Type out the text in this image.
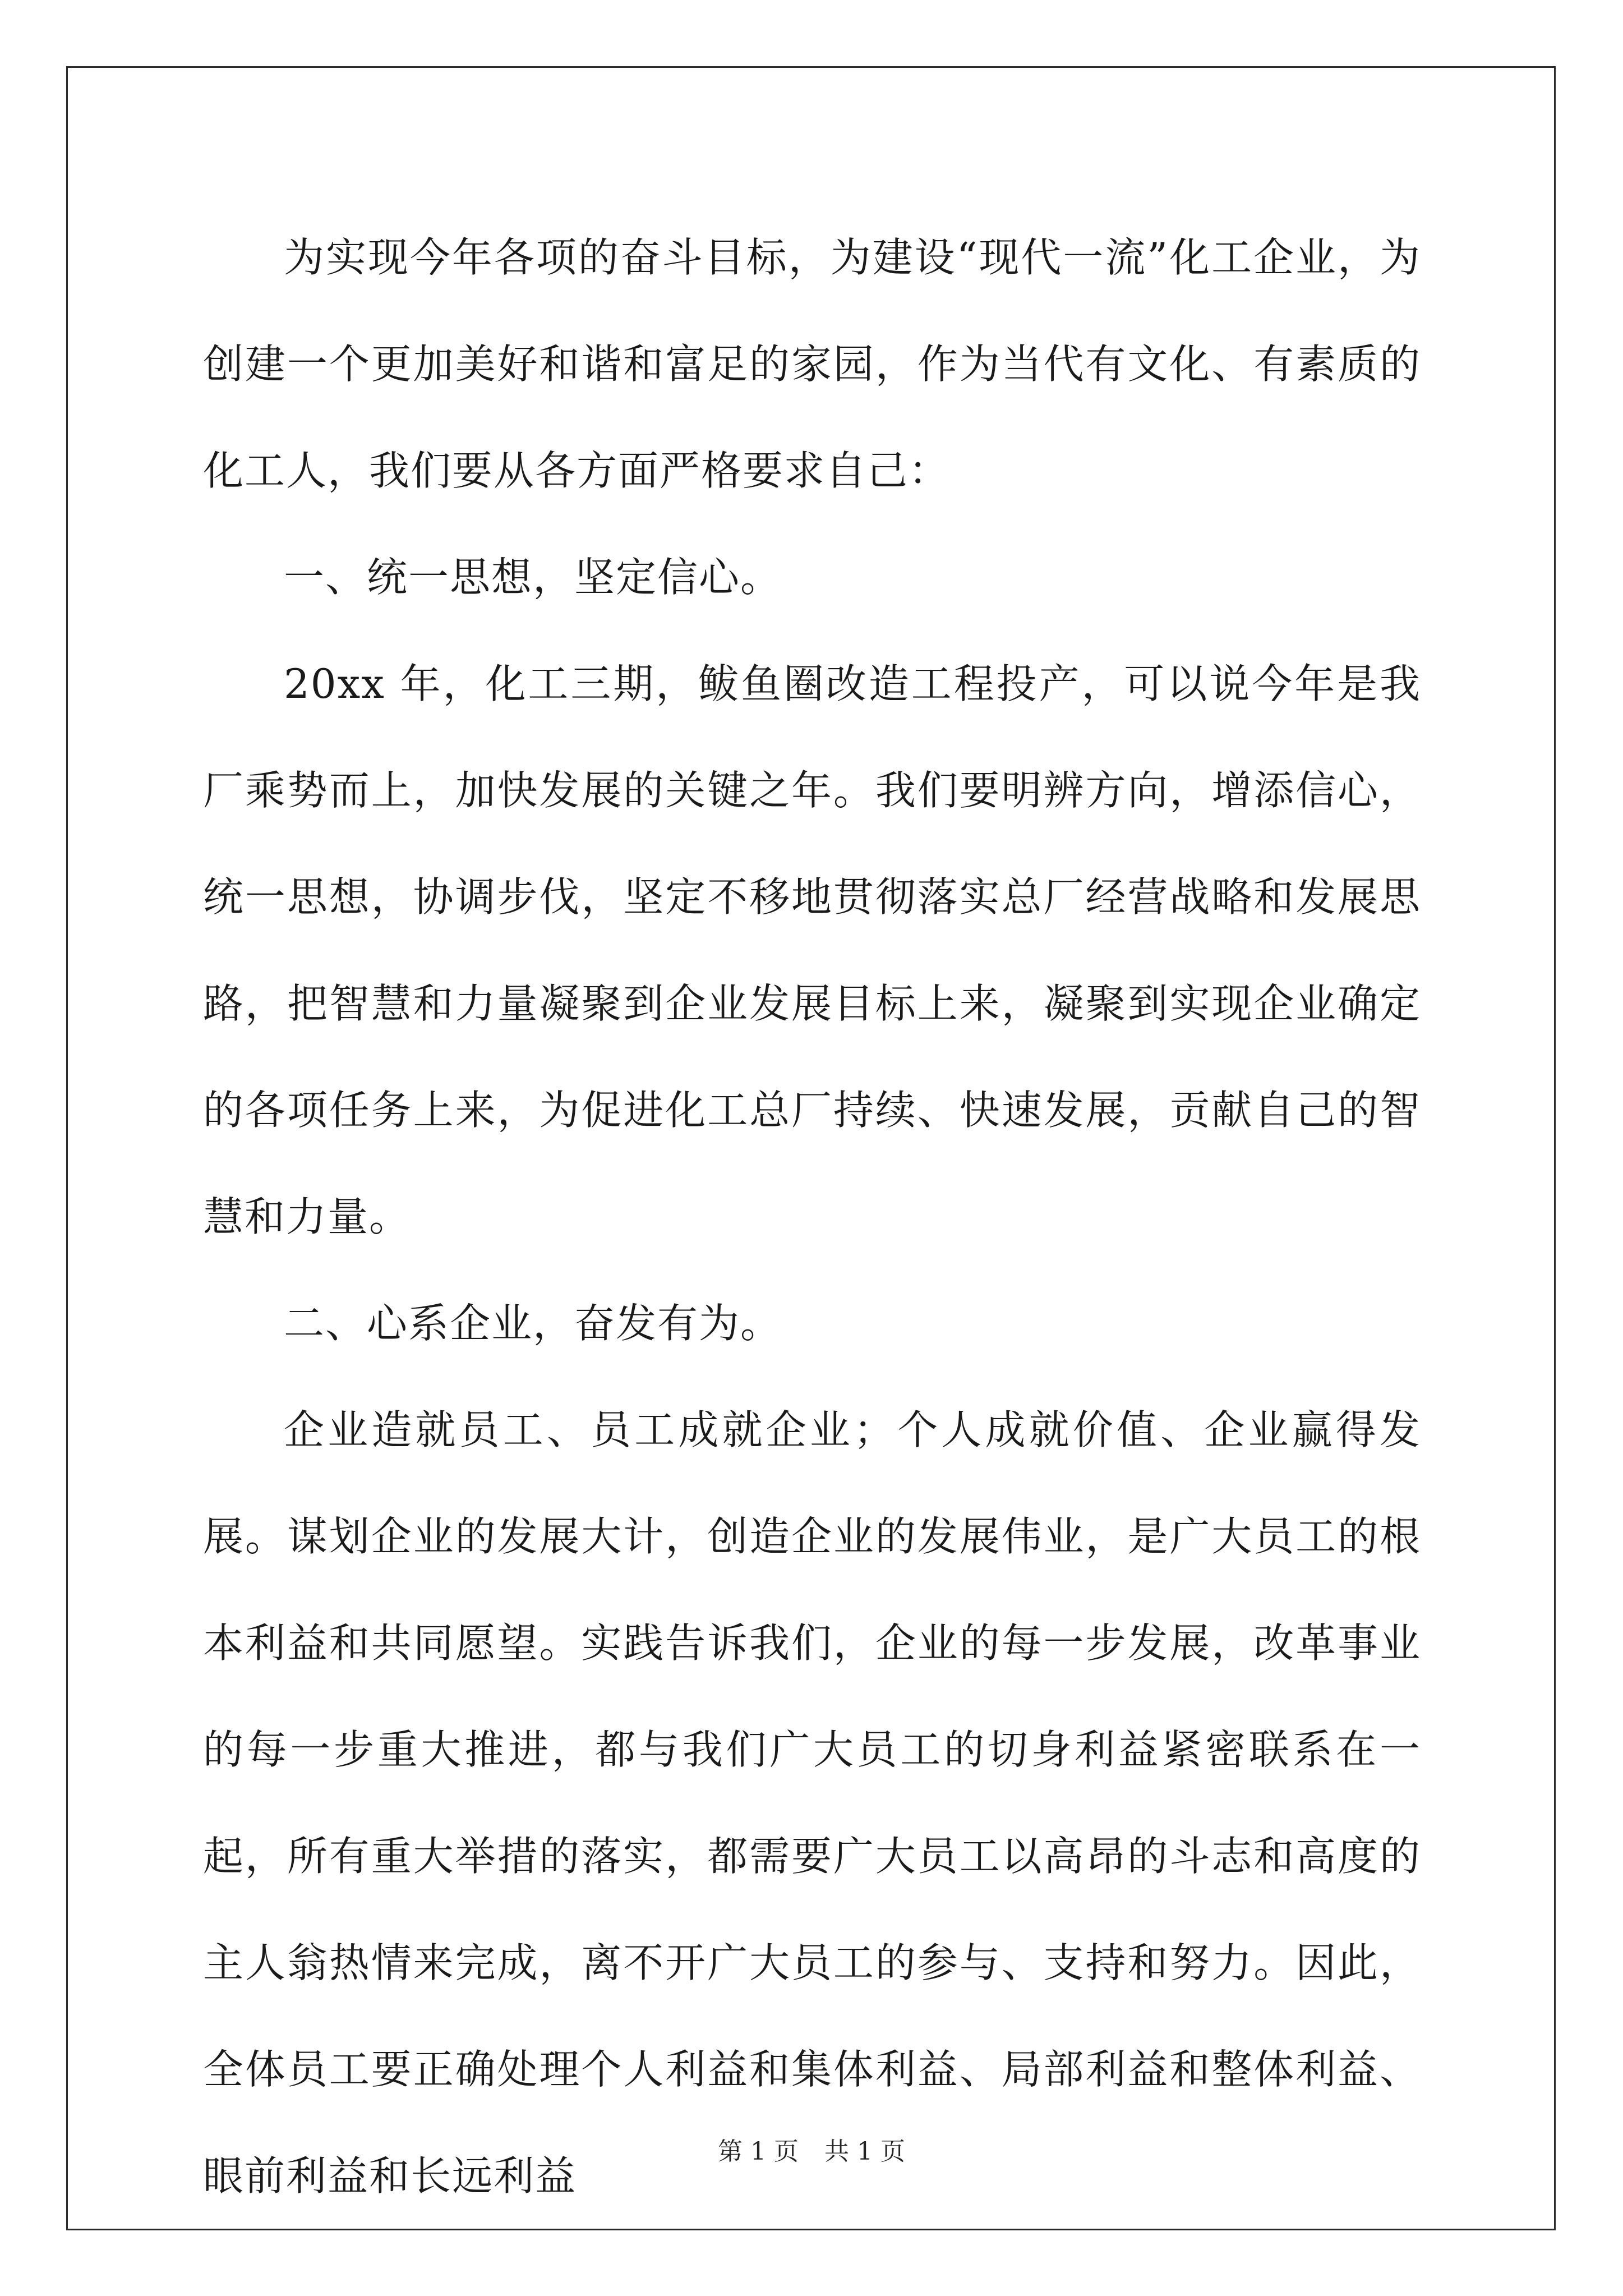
为实现今年各项的奋斗目标，为建设“现代一流”化工企业，为创建一个更加美好和谐和富足的家园，作为当代有文化、有素质的化工人，我们要从各方面严格要求自己：

一、统一思想，坚定信心。

20xx 年，化工三期，鲅鱼圈改造工程投产，可以说今年是我厂乘势而上，加快发展的关键之年。我们要明辨方向，增添信心，统一思想，协调步伐，坚定不移地贯彻落实总厂经营战略和发展思路，把智慧和力量凝聚到企业发展目标上来，凝聚到实现企业确定的各项任务上来，为促进化工总厂持续、快速发展，贡献自己的智慧和力量。

二、心系企业，奋发有为。

企业造就员工、员工成就企业；个人成就价值、企业赢得发展。谋划企业的发展大计，创造企业的发展伟业，是广大员工的根本利益和共同愿望。实践告诉我们，企业的每一步发展，改革事业的每一步重大推进，都与我们广大员工的切身利益紧密联系在一起，所有重大举措的落实，都需要广大员工以高昂的斗志和高度的主人翁热情来完成，离不开广大员工的参与、支持和努力。因此，全体员工要正确处理个人利益和集体利益、局部利益和整体利益、眼前利益和长远利益

第 1 页 共 1 页
